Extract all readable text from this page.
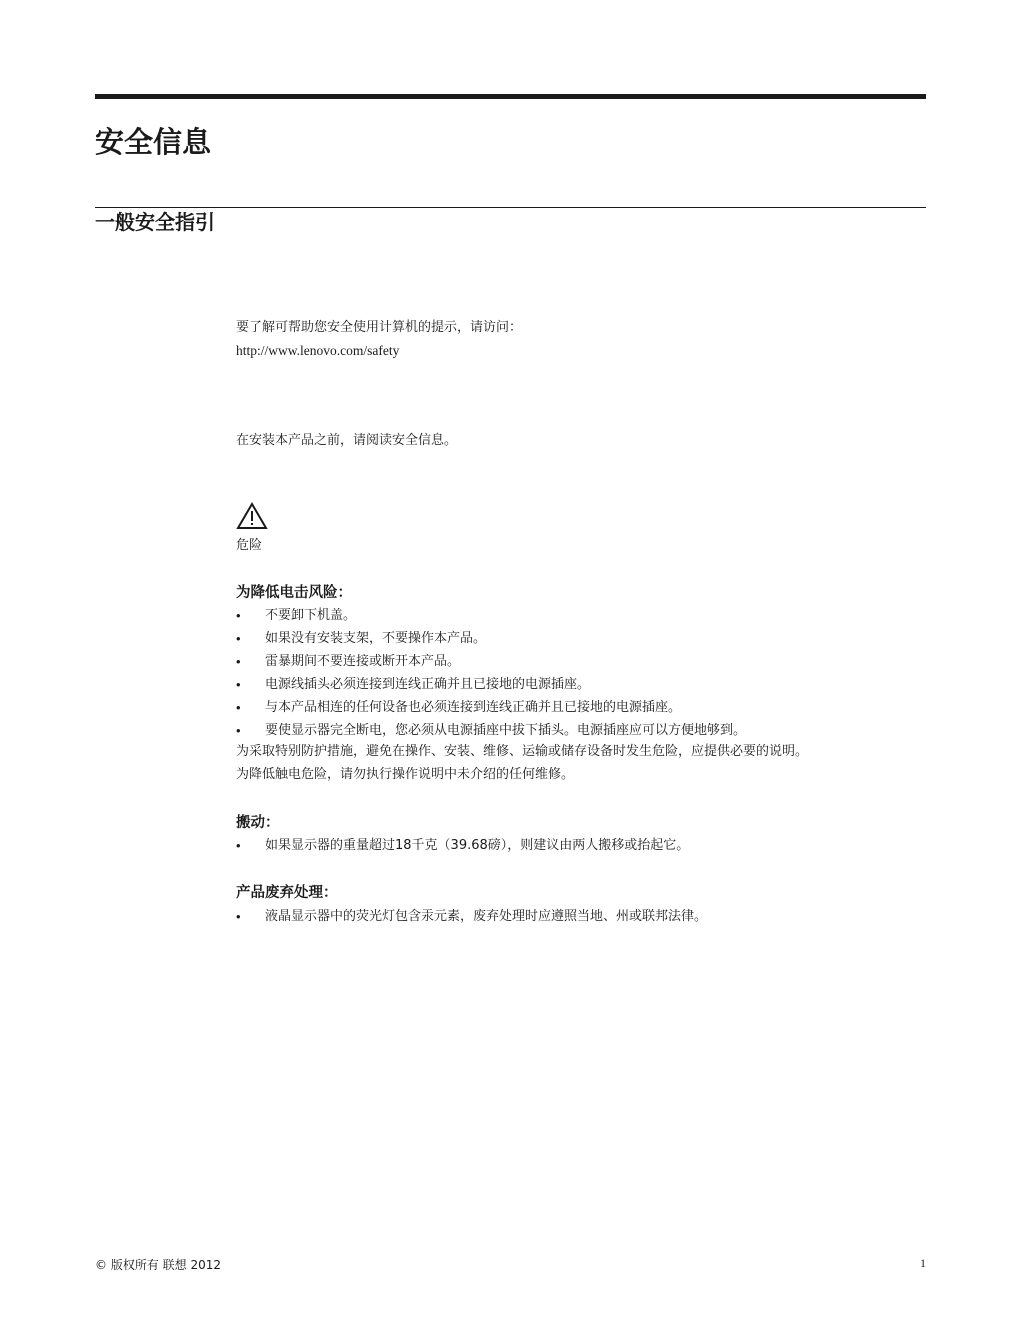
安全信息
一般安全指引
要了解可帮助您安全使用计算机的提示，请访问：
http://www.lenovo.com/safety
在安装本产品之前，请阅读安全信息。
危险
为降低电击风险：
• 不要卸下机盖。
• 如果没有安装支架，不要操作本产品。
• 雷暴期间不要连接或断开本产品。
• 电源线插头必须连接到连线正确并且已接地的电源插座。
• 与本产品相连的任何设备也必须连接到连线正确并且已接地的电源插座。
• 要使显示器完全断电，您必须从电源插座中拔下插头。电源插座应可以方便地够到。
为采取特别防护措施，避免在操作、安装、维修、运输或储存设备时发生危险，应提供必要的说明。
为降低触电危险，请勿执行操作说明中未介绍的任何维修。
搬动：
• 如果显示器的重量超过18千克（39.68磅），则建议由两人搬移或抬起它。
产品废弃处理：
• 液晶显示器中的荧光灯包含汞元素，废弃处理时应遵照当地、州或联邦法律。
© 版权所有 联想 2012	1
